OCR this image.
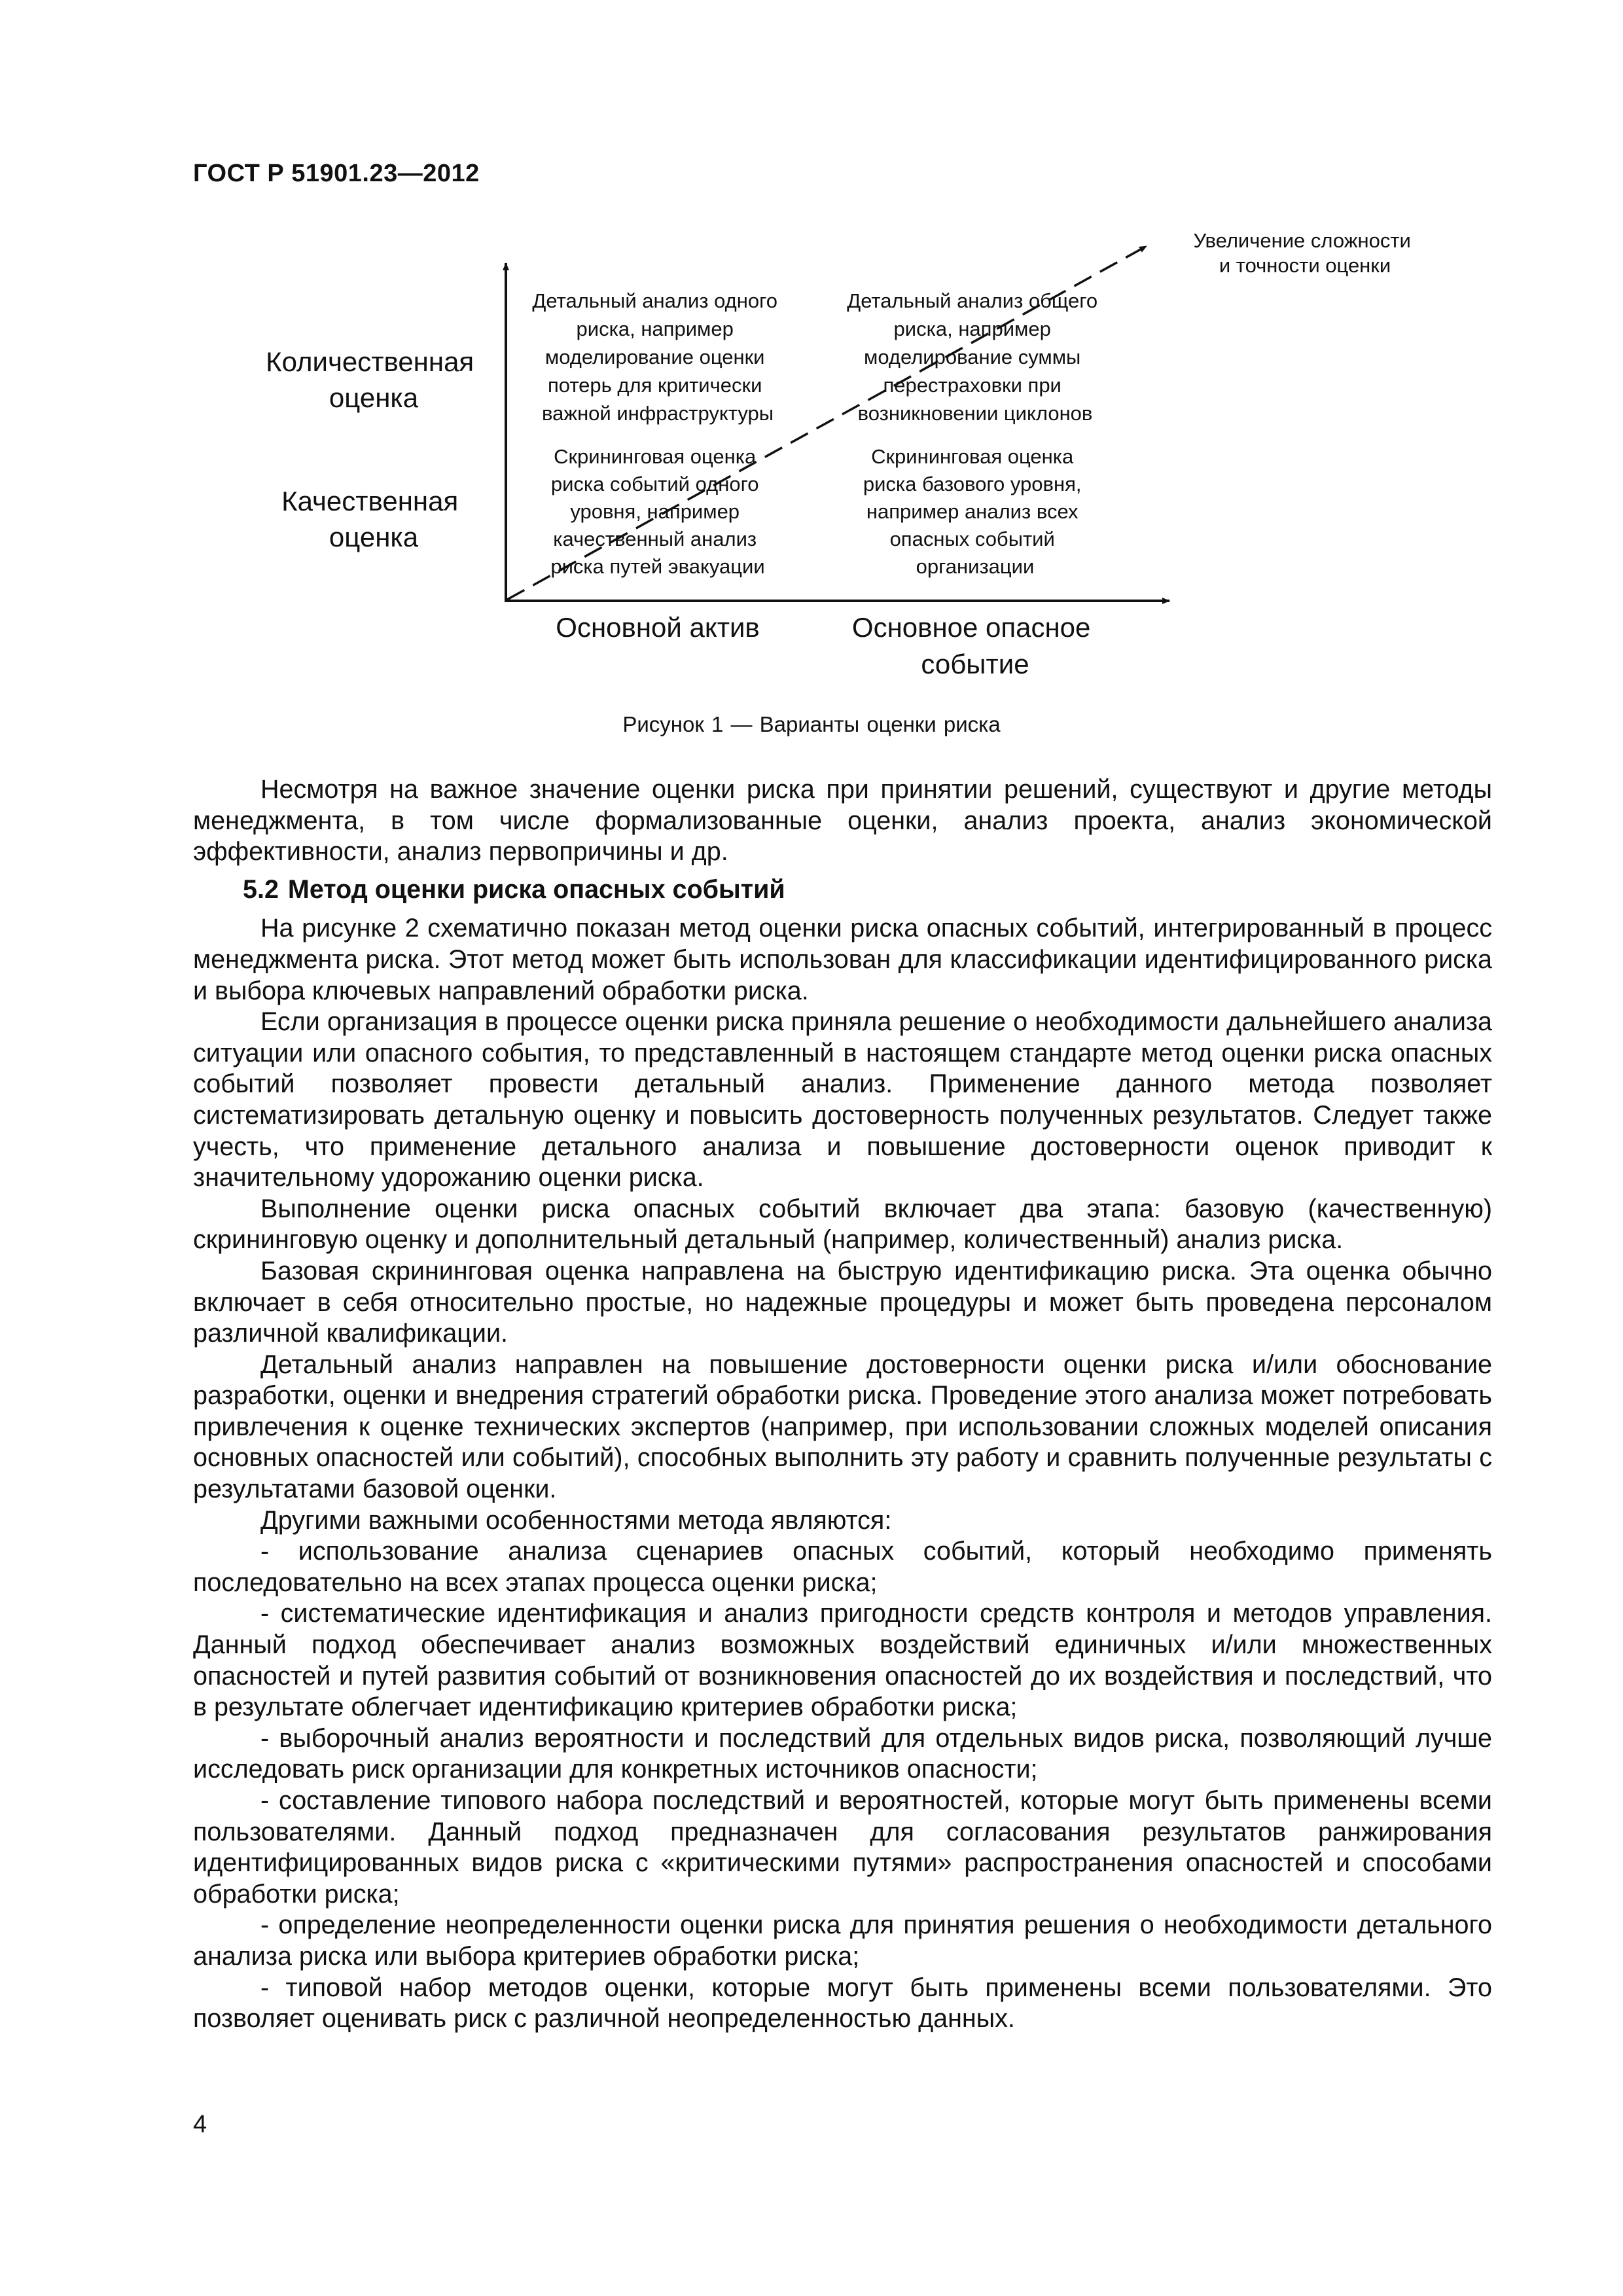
ГОСТ Р 51901.23—2012
Увеличение сложности и точности оценки
Количественная оценка
Качественная оценка
Детальный анализ одного риска, например моделирование оценки потерь для критически важной инфраструктуры
Детальный анализ общего риска, например моделирование суммы перестраховки при возникновении циклонов
Скрининговая оценка риска событий одного уровня, например качественный анализ риска путей эвакуации
Скрининговая оценка риска базового уровня, например анализ всех опасных событий организации
Основной актив	Основное опасное событие
Рисунок 1 — Варианты оценки риска

Несмотря на важное значение оценки риска при принятии решений, существуют и другие методы менеджмента, в том числе формализованные оценки, анализ проекта, анализ экономической эффективности, анализ первопричины и др.

5.2 Метод оценки риска опасных событий

На рисунке 2 схематично показан метод оценки риска опасных событий, интегрированный в процесс менеджмента риска. Этот метод может быть использован для классификации идентифицированного риска и выбора ключевых направлений обработки риска.

Если организация в процессе оценки риска приняла решение о необходимости дальнейшего анализа ситуации или опасного события, то представленный в настоящем стандарте метод оценки риска опасных событий позволяет провести детальный анализ. Применение данного метода позволяет систематизировать детальную оценку и повысить достоверность полученных результатов. Следует также учесть, что применение детального анализа и повышение достоверности оценок приводит к значительному удорожанию оценки риска.

Выполнение оценки риска опасных событий включает два этапа: базовую (качественную) скрининговую оценку и дополнительный детальный (например, количественный) анализ риска.

Базовая скрининговая оценка направлена на быструю идентификацию риска. Эта оценка обычно включает в себя относительно простые, но надежные процедуры и может быть проведена персоналом различной квалификации.

Детальный анализ направлен на повышение достоверности оценки риска и/или обоснование разработки, оценки и внедрения стратегий обработки риска. Проведение этого анализа может потребовать привлечения к оценке технических экспертов (например, при использовании сложных моделей описания основных опасностей или событий), способных выполнить эту работу и сравнить полученные результаты с результатами базовой оценки.

Другими важными особенностями метода являются:

- использование анализа сценариев опасных событий, который необходимо применять последовательно на всех этапах процесса оценки риска;

- систематические идентификация и анализ пригодности средств контроля и методов управления. Данный подход обеспечивает анализ возможных воздействий единичных и/или множественных опасностей и путей развития событий от возникновения опасностей до их воздействия и последствий, что в результате облегчает идентификацию критериев обработки риска;

- выборочный анализ вероятности и последствий для отдельных видов риска, позволяющий лучше исследовать риск организации для конкретных источников опасности;

- составление типового набора последствий и вероятностей, которые могут быть применены всеми пользователями. Данный подход предназначен для согласования результатов ранжирования идентифицированных видов риска с «критическими путями» распространения опасностей и способами обработки риска;

- определение неопределенности оценки риска для принятия решения о необходимости детального анализа риска или выбора критериев обработки риска;

- типовой набор методов оценки, которые могут быть применены всеми пользователями. Это позволяет оценивать риск с различной неопределенностью данных.

4
